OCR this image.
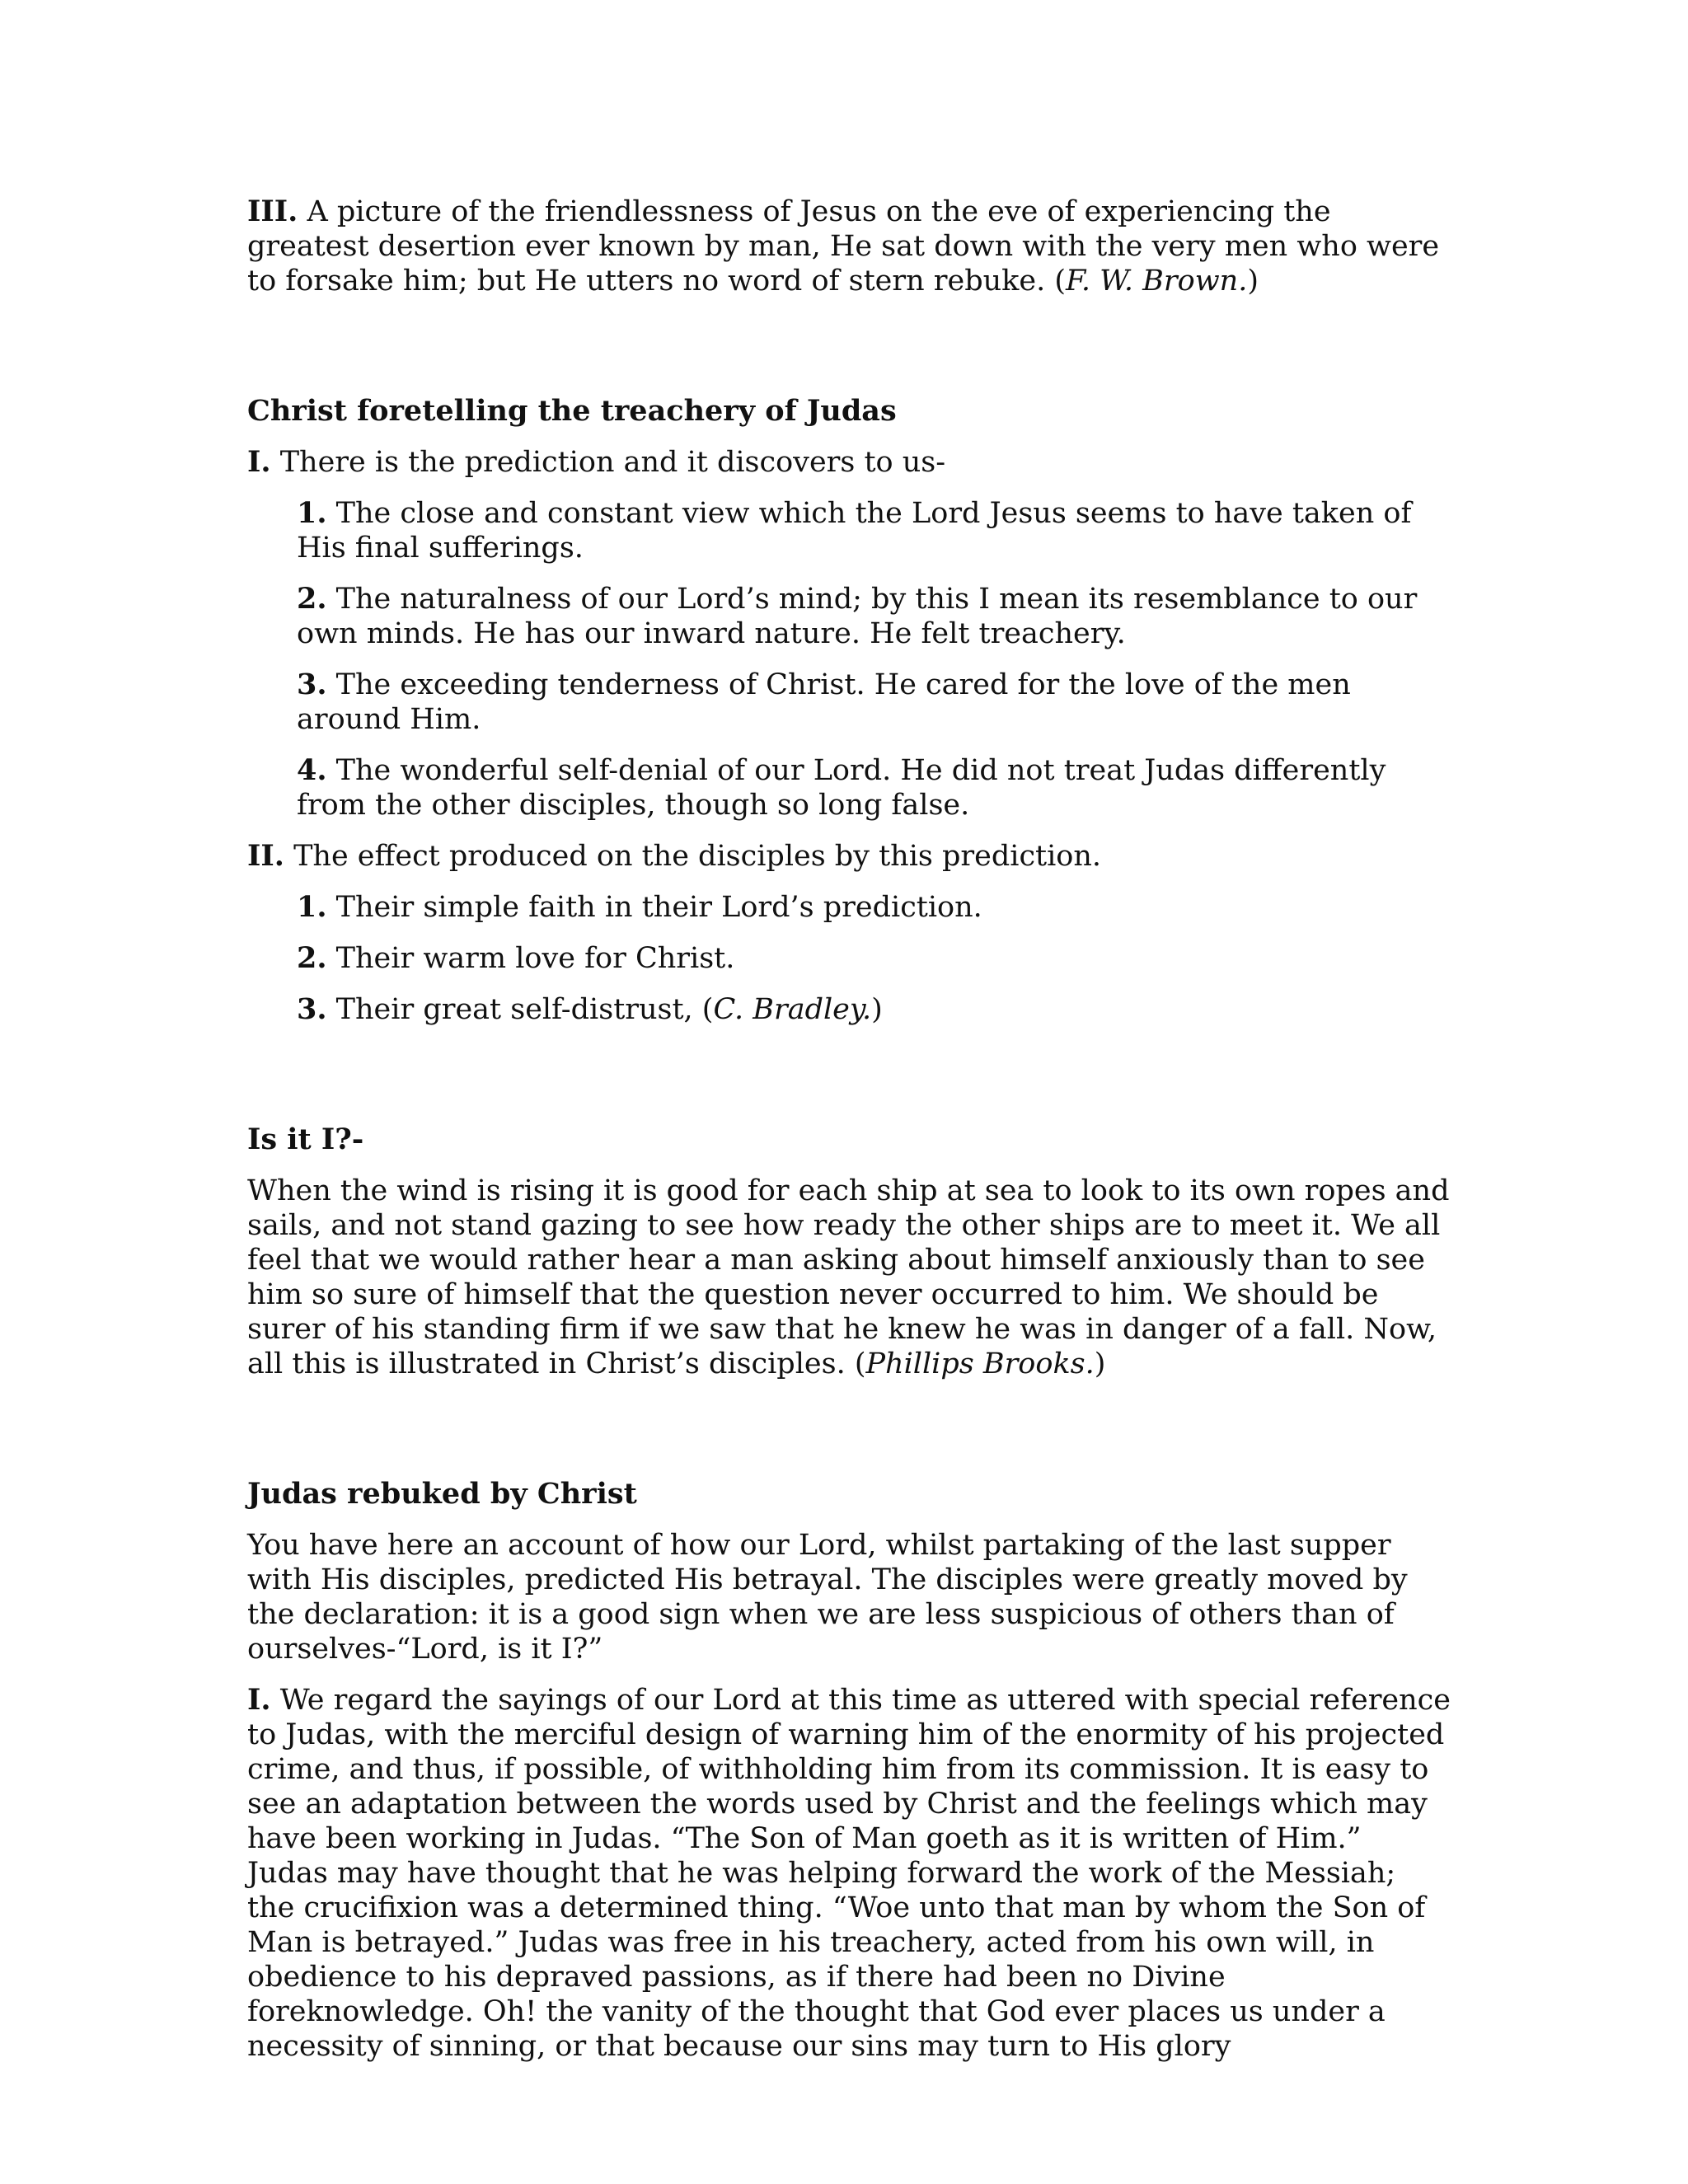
III. A picture of the friendlessness of Jesus on the eve of experiencing the greatest desertion ever known by man, He sat down with the very men who were to forsake him; but He utters no word of stern rebuke. (F. W. Brown.)

Christ foretelling the treachery of Judas

I. There is the prediction and it discovers to us-

1. The close and constant view which the Lord Jesus seems to have taken of His final sufferings.

2. The naturalness of our Lord’s mind; by this I mean its resemblance to our own minds. He has our inward nature. He felt treachery.

3. The exceeding tenderness of Christ. He cared for the love of the men around Him.

4. The wonderful self-denial of our Lord. He did not treat Judas differently from the other disciples, though so long false.

II. The effect produced on the disciples by this prediction.

1. Their simple faith in their Lord’s prediction.

2. Their warm love for Christ.

3. Their great self-distrust, (C. Bradley.)

Is it I?-

When the wind is rising it is good for each ship at sea to look to its own ropes and sails, and not stand gazing to see how ready the other ships are to meet it. We all feel that we would rather hear a man asking about himself anxiously than to see him so sure of himself that the question never occurred to him. We should be surer of his standing firm if we saw that he knew he was in danger of a fall. Now, all this is illustrated in Christ’s disciples. (Phillips Brooks.)

Judas rebuked by Christ

You have here an account of how our Lord, whilst partaking of the last supper with His disciples, predicted His betrayal. The disciples were greatly moved by the declaration: it is a good sign when we are less suspicious of others than of ourselves-“Lord, is it I?”

I. We regard the sayings of our Lord at this time as uttered with special reference to Judas, with the merciful design of warning him of the enormity of his projected crime, and thus, if possible, of withholding him from its commission. It is easy to see an adaptation between the words used by Christ and the feelings which may have been working in Judas. “The Son of Man goeth as it is written of Him.” Judas may have thought that he was helping forward the work of the Messiah; the crucifixion was a determined thing. “Woe unto that man by whom the Son of Man is betrayed.” Judas was free in his treachery, acted from his own will, in obedience to his depraved passions, as if there had been no Divine foreknowledge. Oh! the vanity of the thought that God ever places us under a necessity of sinning, or that because our sins may turn to His glory
